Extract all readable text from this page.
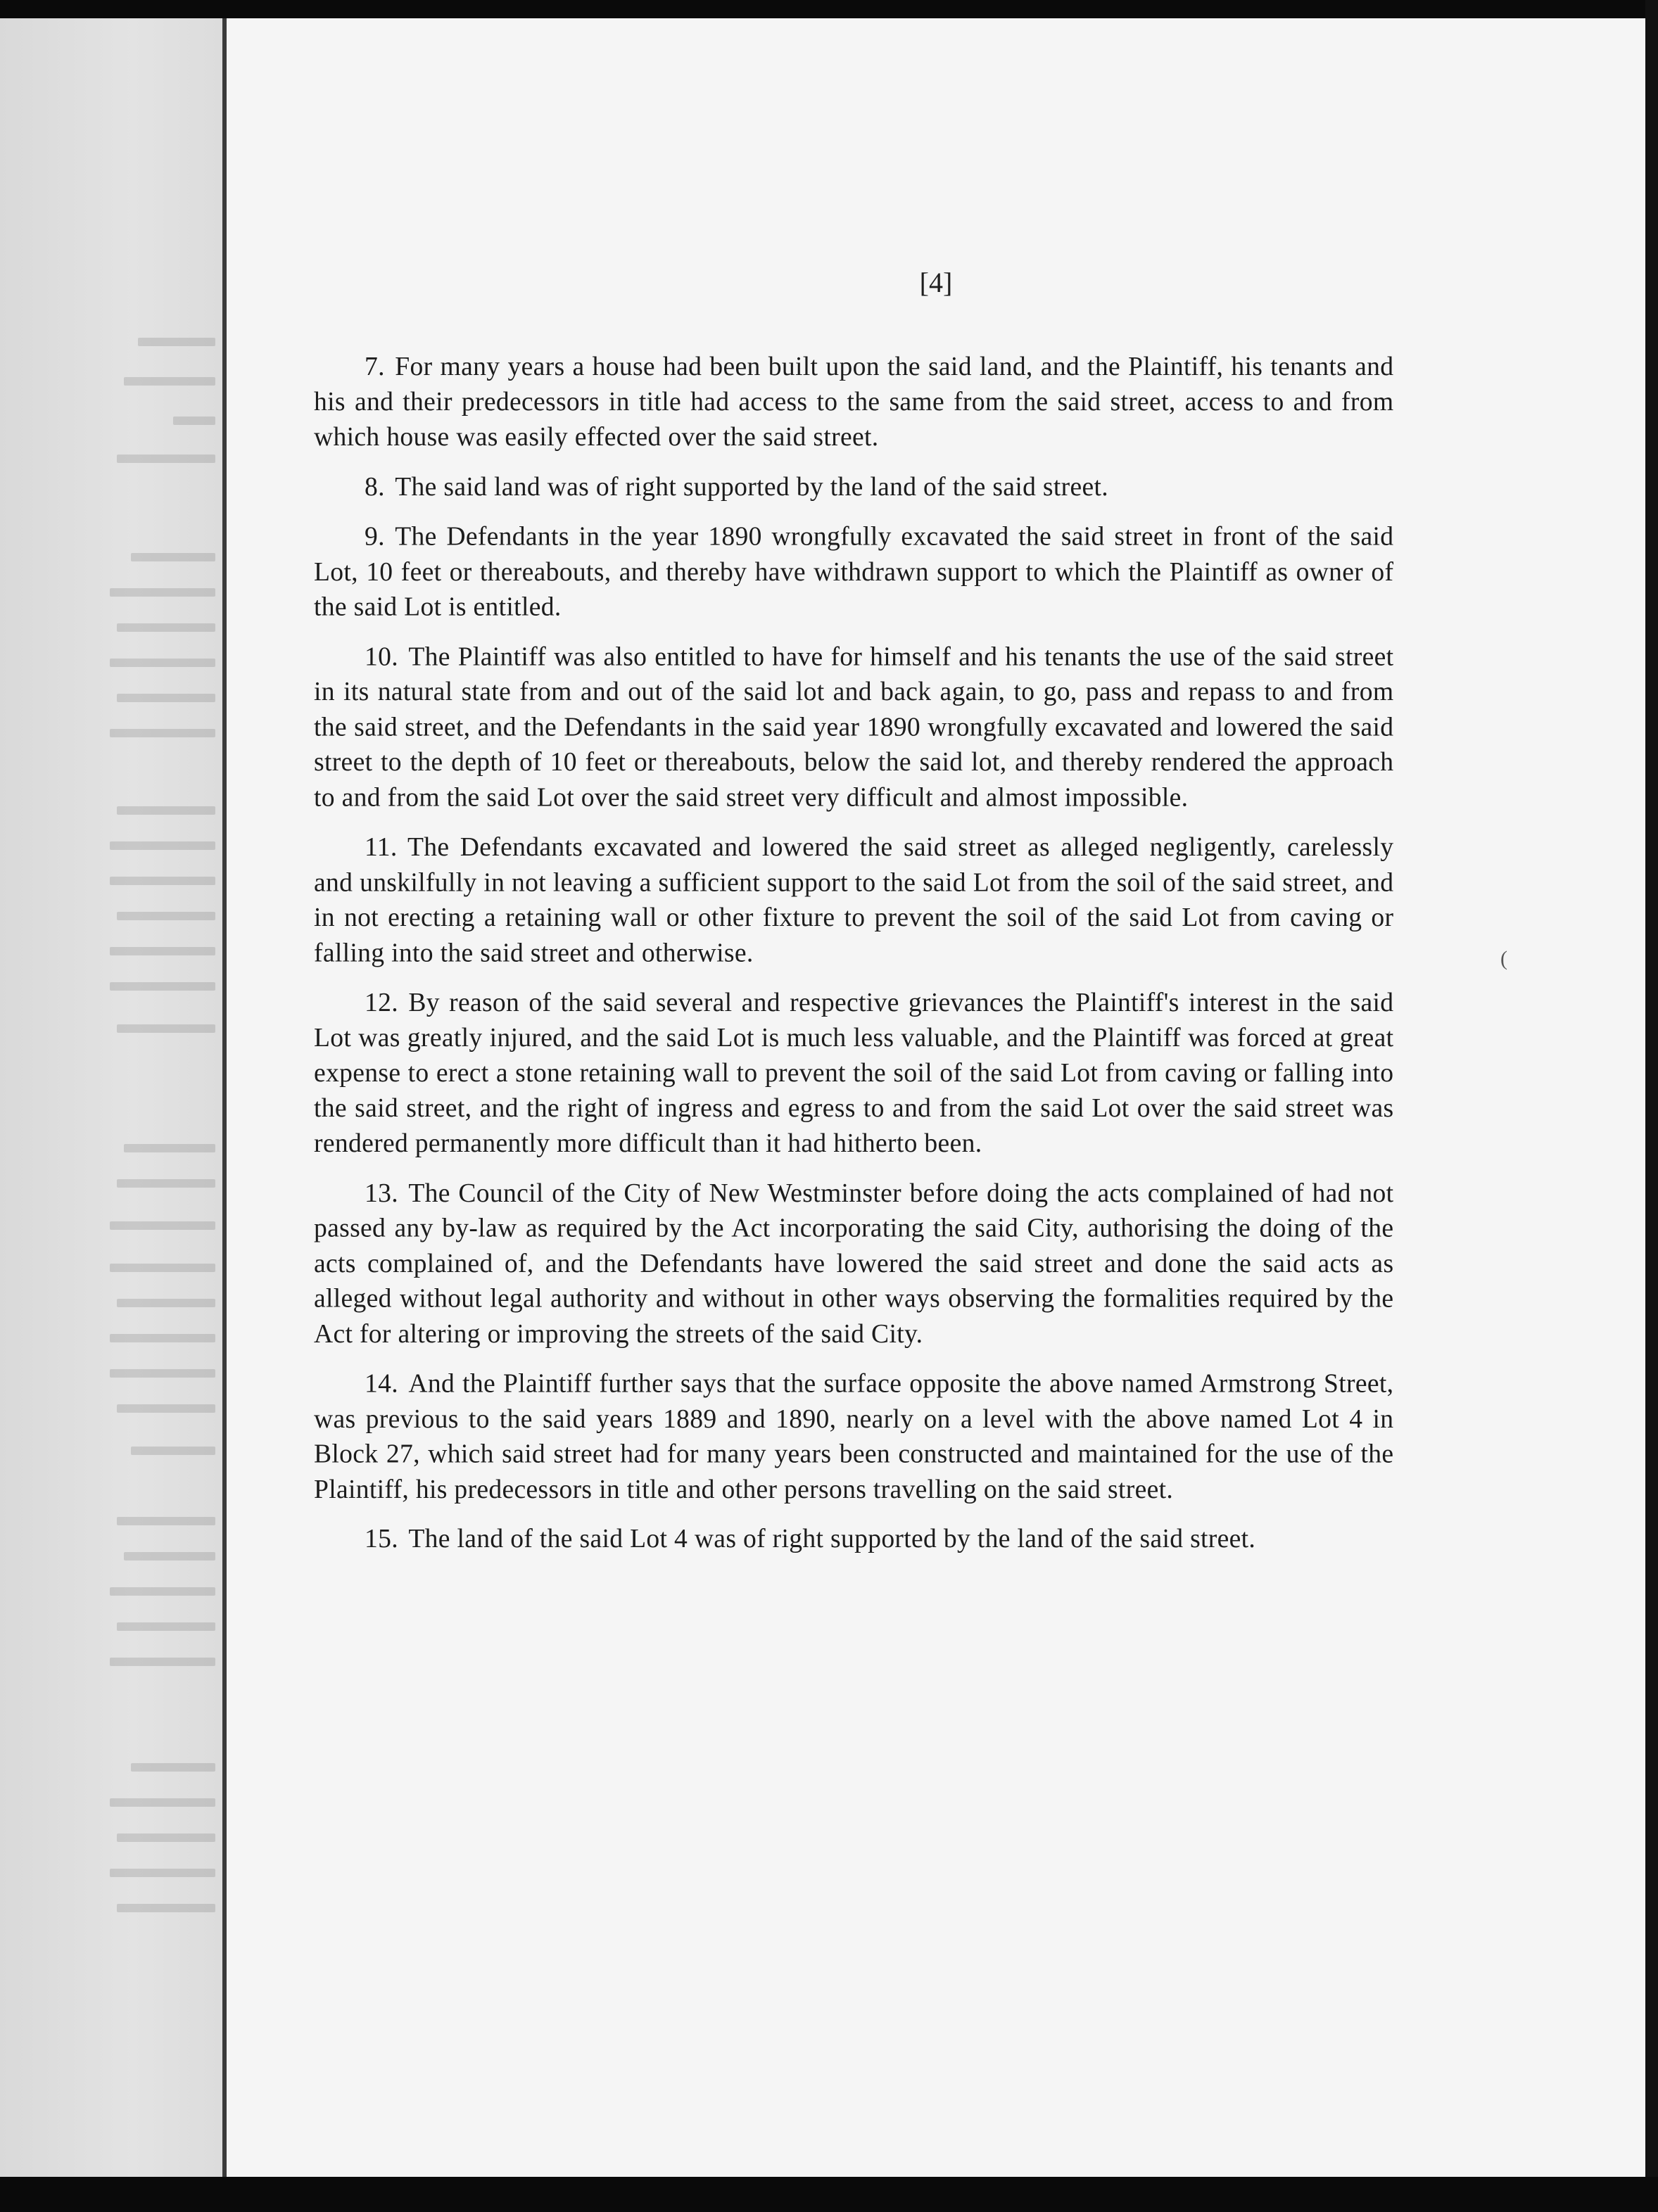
[4]

7. For many years a house had been built upon the said land, and the Plaintiff, his tenants and his and their predecessors in title had access to the same from the said street, access to and from which house was easily effected over the said street.

8. The said land was of right supported by the land of the said street.

9. The Defendants in the year 1890 wrongfully excavated the said street in front of the said Lot, 10 feet or thereabouts, and thereby have withdrawn support to which the Plaintiff as owner of the said Lot is entitled.

10. The Plaintiff was also entitled to have for himself and his tenants the use of the said street in its natural state from and out of the said lot and back again, to go, pass and repass to and from the said street, and the Defendants in the said year 1890 wrongfully excavated and lowered the said street to the depth of 10 feet or thereabouts, below the said lot, and thereby rendered the approach to and from the said Lot over the said street very difficult and almost impossible.

11. The Defendants excavated and lowered the said street as alleged negligently, carelessly and unskilfully in not leaving a sufficient support to the said Lot from the soil of the said street, and in not erecting a retaining wall or other fixture to prevent the soil of the said Lot from caving or falling into the said street and otherwise.

12. By reason of the said several and respective grievances the Plaintiff's interest in the said Lot was greatly injured, and the said Lot is much less valuable, and the Plaintiff was forced at great expense to erect a stone retaining wall to prevent the soil of the said Lot from caving or falling into the said street, and the right of ingress and egress to and from the said Lot over the said street was rendered permanently more difficult than it had hitherto been.

13. The Council of the City of New Westminster before doing the acts complained of had not passed any by-law as required by the Act incorporating the said City, authorising the doing of the acts complained of, and the Defendants have lowered the said street and done the said acts as alleged without legal authority and without in other ways observing the formalities required by the Act for altering or improving the streets of the said City.

14. And the Plaintiff further says that the surface opposite the above named Armstrong Street, was previous to the said years 1889 and 1890, nearly on a level with the above named Lot 4 in Block 27, which said street had for many years been constructed and maintained for the use of the Plaintiff, his predecessors in title and other persons travelling on the said street.

15. The land of the said Lot 4 was of right supported by the land of the said street.

(
